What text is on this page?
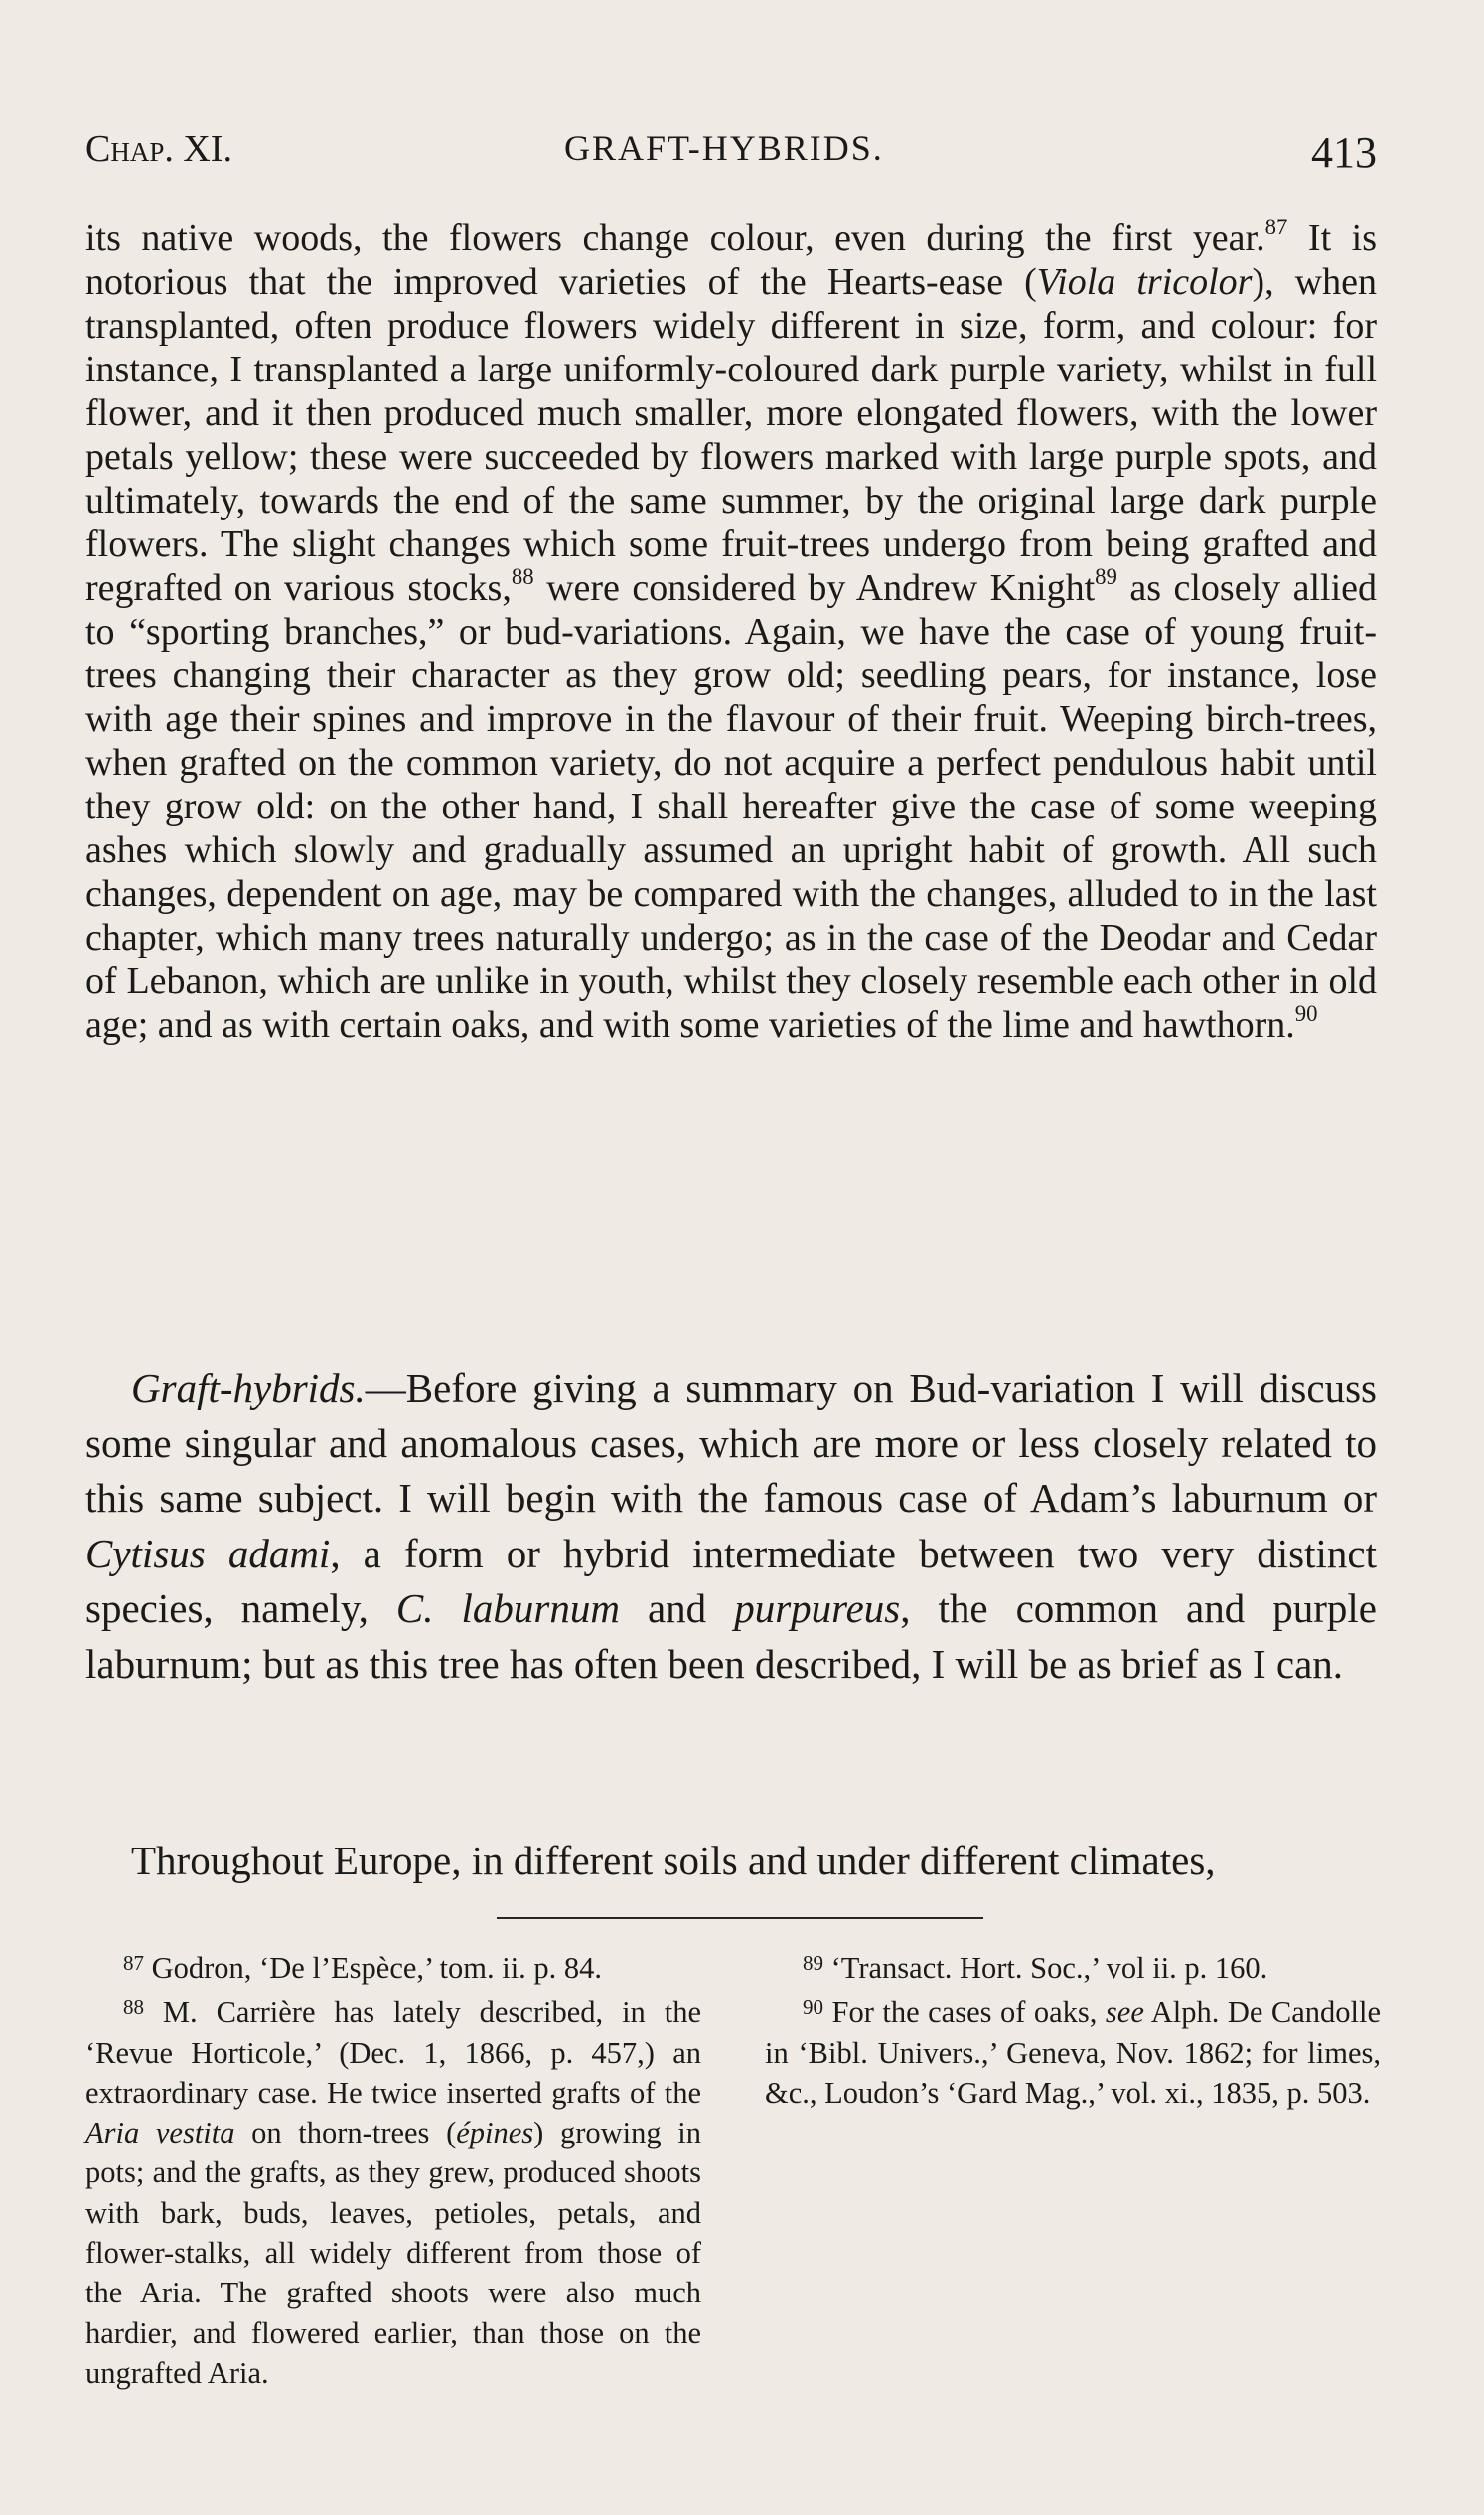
Chap. XI.	GRAFT-HYBRIDS.	413

its native woods, the flowers change colour, even during the first year.$^{87}$ It is notorious that the improved varieties of the Hearts-ease (Viola tricolor), when transplanted, often produce flowers widely different in size, form, and colour: for instance, I transplanted a large uniformly-coloured dark purple variety, whilst in full flower, and it then produced much smaller, more elongated flowers, with the lower petals yellow; these were succeeded by flowers marked with large purple spots, and ultimately, towards the end of the same summer, by the original large dark purple flowers. The slight changes which some fruit-trees undergo from being grafted and regrafted on various stocks,$^{88}$ were considered by Andrew Knight$^{89}$ as closely allied to “sporting branches,” or bud-variations. Again, we have the case of young fruit-trees changing their character as they grow old; seedling pears, for instance, lose with age their spines and improve in the flavour of their fruit. Weeping birch-trees, when grafted on the common variety, do not acquire a perfect pendulous habit until they grow old: on the other hand, I shall hereafter give the case of some weeping ashes which slowly and gradually assumed an upright habit of growth. All such changes, dependent on age, may be compared with the changes, alluded to in the last chapter, which many trees naturally undergo; as in the case of the Deodar and Cedar of Lebanon, which are unlike in youth, whilst they closely resemble each other in old age; and as with certain oaks, and with some varieties of the lime and hawthorn.$^{90}$

Graft-hybrids.—Before giving a summary on Bud-variation I will discuss some singular and anomalous cases, which are more or less closely related to this same subject. I will begin with the famous case of Adam’s laburnum or Cytisus adami, a form or hybrid intermediate between two very distinct species, namely, C. laburnum and purpureus, the common and purple laburnum; but as this tree has often been described, I will be as brief as I can.

Throughout Europe, in different soils and under different climates,

$^{87}$ Godron, ‘De l’Espèce,’ tom. ii. p. 84.

$^{88}$ M. Carrière has lately described, in the ‘Revue Horticole,’ (Dec. 1, 1866, p. 457,) an extraordinary case. He twice inserted grafts of the Aria vestita on thorn-trees (épines) growing in pots; and the grafts, as they grew, produced shoots with bark, buds, leaves, petioles, petals, and flower-stalks, all widely different from those of the Aria. The grafted shoots were also much hardier, and flowered earlier, than those on the ungrafted Aria.

$^{89}$ ‘Transact. Hort. Soc.,’ vol ii. p. 160.

$^{90}$ For the cases of oaks, see Alph. De Candolle in ‘Bibl. Univers.,’ Geneva, Nov. 1862; for limes, &c., Loudon’s ‘Gard Mag.,’ vol. xi., 1835, p. 503.
